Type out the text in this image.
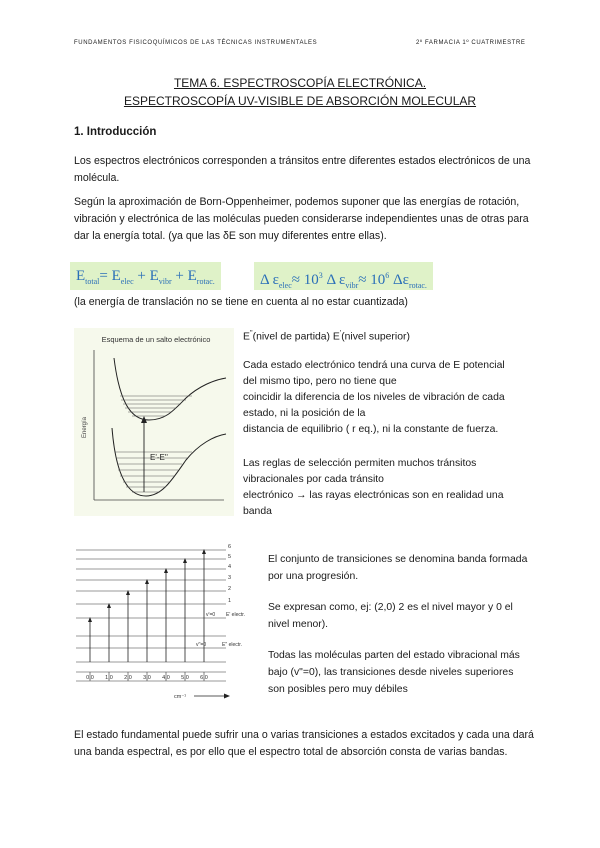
FUNDAMENTOS FISICOQUÍMICOS DE LAS TÉCNICAS INSTRUMENTALES	2º FARMACIA 1º CUATRIMESTRE
TEMA 6. ESPECTROSCOPÍA ELECTRÓNICA.
ESPECTROSCOPÍA UV-VISIBLE DE ABSORCIÓN MOLECULAR
1. Introducción
Los espectros electrónicos corresponden a tránsitos entre diferentes estados electrónicos de una molécula.
Según la aproximación de Born-Oppenheimer, podemos suponer que las energías de rotación, vibración y electrónica de las moléculas pueden considerarse independientes unas de otras para dar la energía total. (ya que las δE son muy diferentes entre ellas).
$E_{total}= E_{elec} + E_{vibr} + E_{rotac.}$	Δ $\varepsilon_{elec}\approx 10^3$ Δ $\varepsilon_{vibr}\approx 10^6$ $\Delta\varepsilon_{rotac.}$
(la energía de translación no se tiene en cuenta al no estar cuantizada)
Esquema de un salto electrónico
Energía
E'-E''
E''(nivel de partida) E'(nivel superior)
Cada estado electrónico tendrá una curva de E potencial
del mismo tipo, pero no tiene que
coincidir la diferencia de los niveles de vibración de cada
estado, ni la posición de la
distancia de equilibrio ( r eq.), ni la constante de fuerza.
Las reglas de selección permiten muchos tránsitos
vibracionales por cada tránsito
electrónico → las rayas electrónicas son en realidad una
banda
6
5
4
3
2
1
v'=0 E' electr.
v''=0	E'' electr.
0,0 1,0 2,0 3,0 4,0 5,0 6,0
cm⁻¹
El conjunto de transiciones se denomina banda formada por una progresión.
Se expresan como, ej: (2,0) 2 es el nivel mayor y 0 el nivel menor).
Todas las moléculas parten del estado vibracional más bajo (v"=0), las transiciones desde niveles superiores son posibles pero muy débiles
El estado fundamental puede sufrir una o varias transiciones a estados excitados y cada una dará una banda espectral, es por ello que el espectro total de absorción consta de varias bandas.
